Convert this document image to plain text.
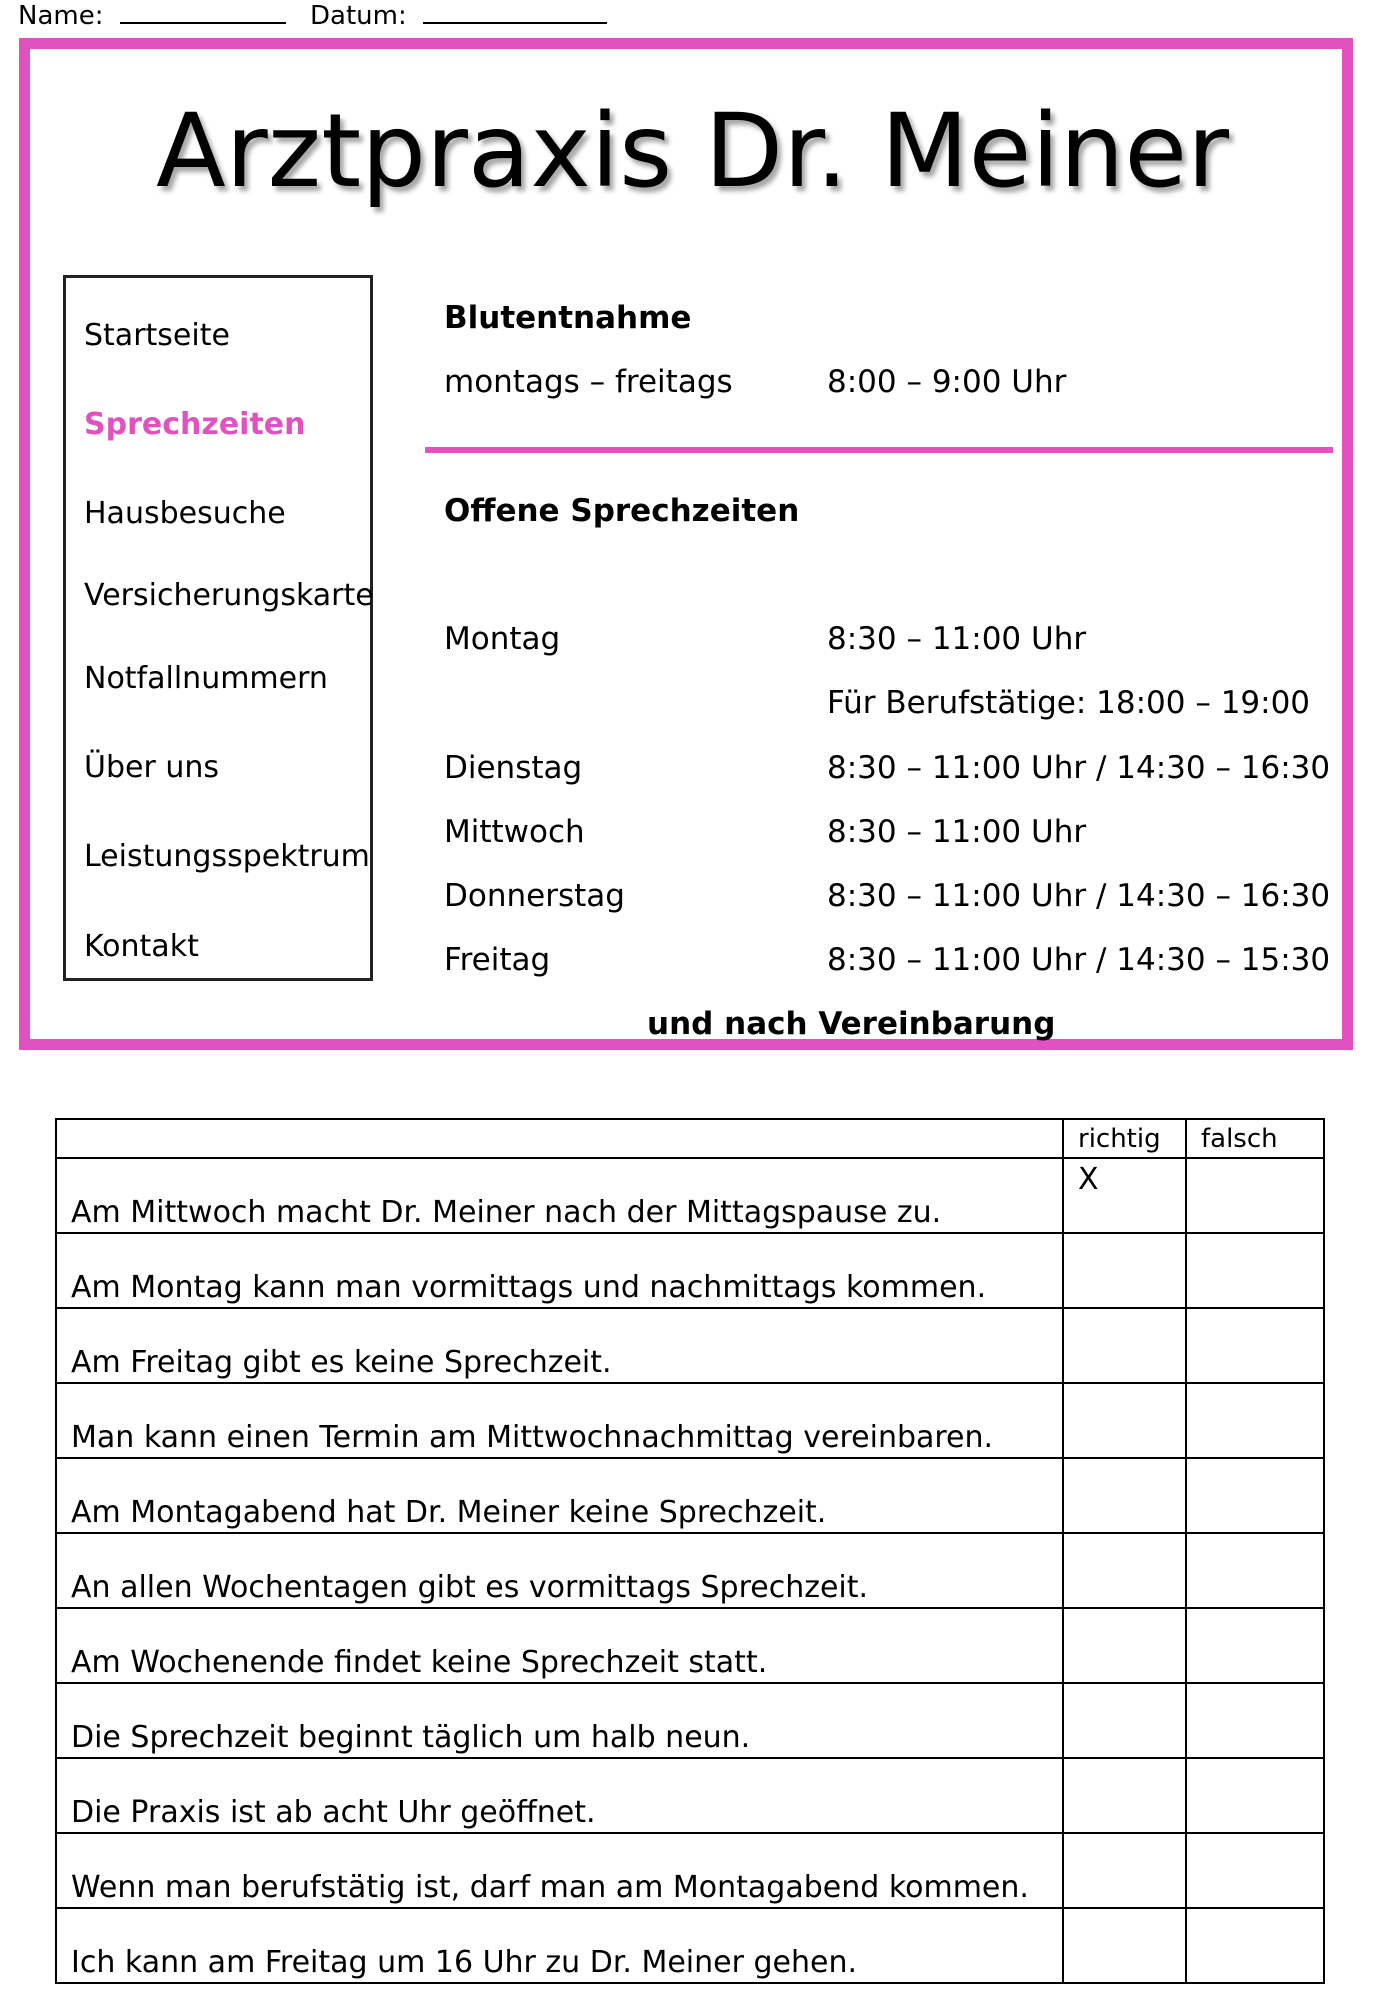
Name:	Datum:
Arztpraxis Dr. Meiner
Startseite
Sprechzeiten
Hausbesuche
Versicherungskarte
Notfallnummern
Über uns
Leistungsspektrum
Kontakt
Blutentnahme
montags – freitags	8:00 – 9:00 Uhr
Offene Sprechzeiten
Montag	8:30 – 11:00 Uhr
Für Berufstätige: 18:00 – 19:00
Dienstag	8:30 – 11:00 Uhr / 14:30 – 16:30
Mittwoch	8:30 – 11:00 Uhr
Donnerstag	8:30 – 11:00 Uhr / 14:30 – 16:30
Freitag	8:30 – 11:00 Uhr / 14:30 – 15:30
und nach Vereinbarung
	richtig	falsch
Am Mittwoch macht Dr. Meiner nach der Mittagspause zu.	X	

Am Montag kann man vormittags und nachmittags kommen.	

Am Freitag gibt es keine Sprechzeit.	

Man kann einen Termin am Mittwochnachmittag vereinbaren.	

Am Montagabend hat Dr. Meiner keine Sprechzeit.	

An allen Wochentagen gibt es vormittags Sprechzeit.	

Am Wochenende findet keine Sprechzeit statt.	

Die Sprechzeit beginnt täglich um halb neun.	

Die Praxis ist ab acht Uhr geöffnet.	

Wenn man berufstätig ist, darf man am Montagabend kommen.	

Ich kann am Freitag um 16 Uhr zu Dr. Meiner gehen.	
